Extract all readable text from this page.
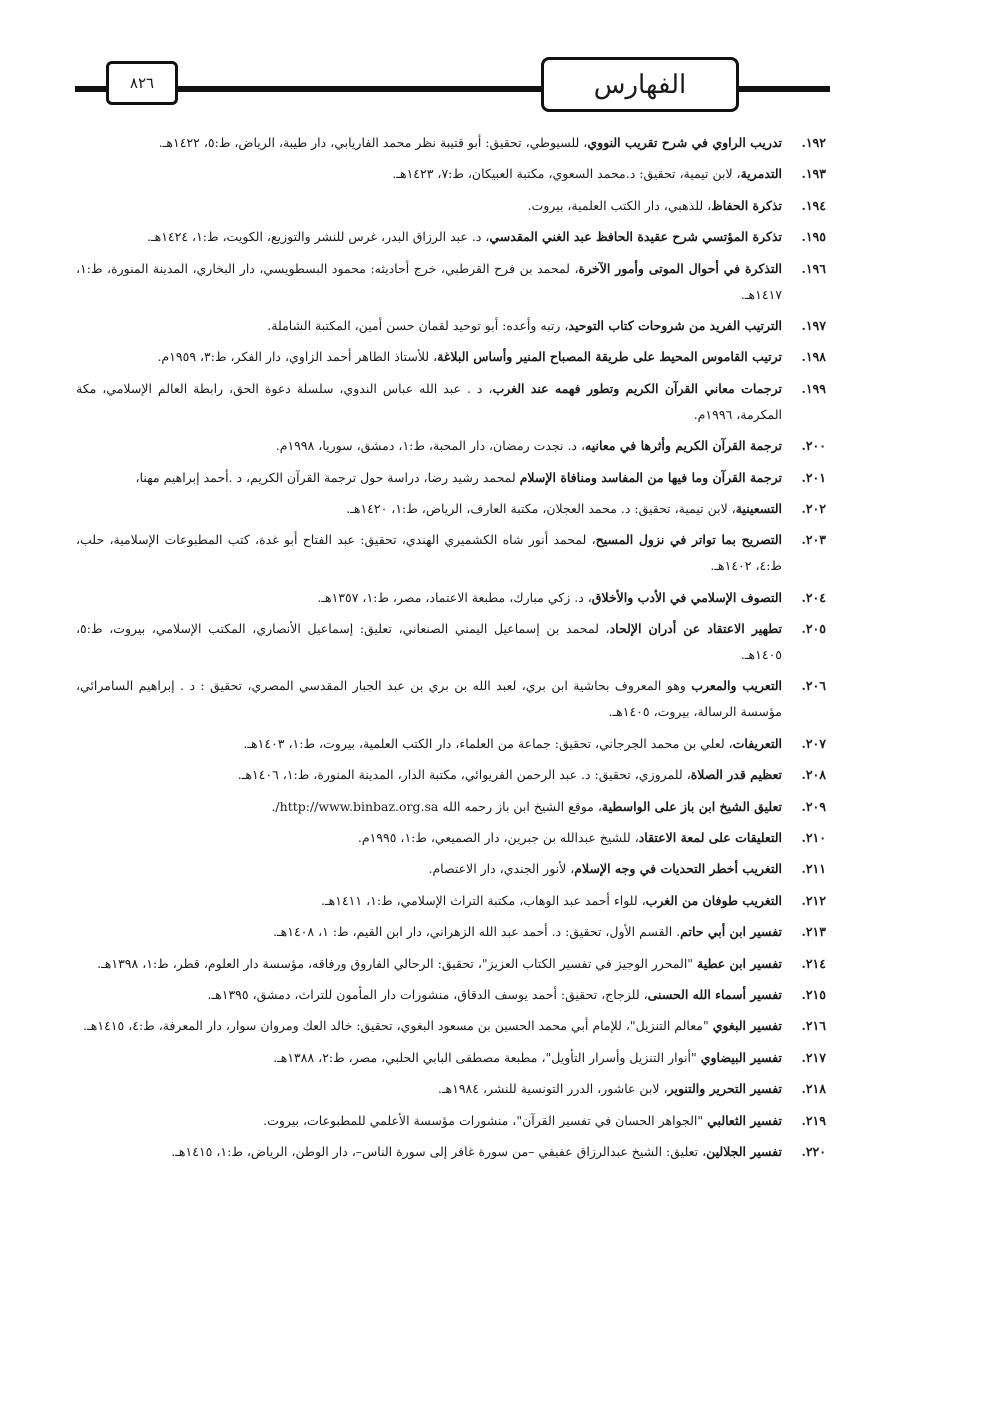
٨٢٦	الفهارس
١٩٢.
تدريب الراوي في شرح تقريب النووي، للسيوطي، تحقيق: أبو قتيبة نظر محمد الفاريابي، دار طيبة، الرياض، ط:٥، ١٤٢٢هـ.
١٩٣.
التدمرية، لابن تيمية، تحقيق: د.محمد السعوي، مكتبة العبيكان، ط:٧، ١٤٢٣هـ.
١٩٤.
تذكرة الحفاظ، للذهبي، دار الكتب العلمية، بيروت.
١٩٥.
تذكرة المؤتسي شرح عقيدة الحافظ عبد الغني المقدسي، د. عبد الرزاق البدر، غرس للنشر والتوزيع، الكويت، ط:١، ١٤٢٤هـ.
١٩٦.
التذكرة في أحوال الموتى وأمور الآخرة، لمحمد بن فرح القرطبي، خرج أحاديثه: محمود البسطويسي، دار البخاري، المدينة المنورة، ط:١، ١٤١٧هـ.
١٩٧.
الترتيب الفريد من شروحات كتاب التوحيد، رتبه وأعده: أبو توحيد لقمان حسن أمين، المكتبة الشاملة.
١٩٨.
ترتيب القاموس المحيط على طريقة المصباح المنير وأساس البلاغة، للأستاذ الطاهر أحمد الزاوي، دار الفكر، ط:٣، ١٩٥٩م.
١٩٩.
ترجمات معاني القرآن الكريم وتطور فهمه عند الغرب، د . عبد الله عباس الندوي، سلسلة دعوة الحق، رابطة العالم الإسلامي، مكة المكرمة، ١٩٩٦م.
٢٠٠.
ترجمة القرآن الكريم وأثرها في معانيه، د. نجدت رمضان، دار المحبة، ط:١، دمشق، سوريا، ١٩٩٨م.
٢٠١.
ترجمة القرآن وما فيها من المفاسد ومنافاة الإسلام لمحمد رشيد رضا، دراسة حول ترجمة القرآن الكريم، د .أحمد إبراهيم مهنا،
٢٠٢.
التسعينية، لابن تيمية، تحقيق: د. محمد العجلان، مكتبة العارف، الرياض، ط:١، ١٤٢٠هـ.
٢٠٣.
التصريح بما تواتر في نزول المسيح، لمحمد أنور شاه الكشميري الهندي، تحقيق: عبد الفتاح أبو غدة، كتب المطبوعات الإسلامية، حلب، ط:٤، ١٤٠٢هـ.
٢٠٤.
التصوف الإسلامي في الأدب والأخلاق، د. زكي مبارك، مطبعة الاعتماد، مصر، ط:١، ١٣٥٧هـ.
٢٠٥.
تطهير الاعتقاد عن أدران الإلحاد، لمحمد بن إسماعيل اليمني الصنعاني، تعليق: إسماعيل الأنصاري، المكتب الإسلامي، بيروت، ط:٥، ١٤٠٥هـ.
٢٠٦.
التعريب والمعرب وهو المعروف بحاشية ابن بري، لعبد الله بن بري بن عبد الجبار المقدسي المصري، تحقيق : د . إبراهيم السامرائي، مؤسسة الرسالة، بيروت، ١٤٠٥هـ.
٢٠٧.
التعريفات، لعلي بن محمد الجرجاني، تحقيق: جماعة من العلماء، دار الكتب العلمية، بيروت، ط:١، ١٤٠٣هـ.
٢٠٨.
تعظيم قدر الصلاة، للمروزي، تحقيق: د. عبد الرحمن الفريوائي، مكتبة الدار، المدينة المنورة، ط:١، ١٤٠٦هـ.
٢٠٩.
تعليق الشيخ ابن باز على الواسطية، موقع الشيخ ابن باز رحمه الله http://www.binbaz.org.sa/.
٢١٠.
التعليقات على لمعة الاعتقاد، للشيخ عبدالله بن جبرين، دار الصميعي، ط:١، ١٩٩٥م.
٢١١.
التغريب أخطر التحديات في وجه الإسلام، لأنور الجندي، دار الاعتصام.
٢١٢.
التغريب طوفان من الغرب، للواء أحمد عبد الوهاب، مكتبة التراث الإسلامي، ط:١، ١٤١١هـ.
٢١٣.
تفسير ابن أبي حاتم. القسم الأول، تحقيق: د. أحمد عبد الله الزهراني، دار ابن القيم، ط: ١، ١٤٠٨هـ.
٢١٤.
تفسير ابن عطية "المحرر الوجيز في تفسير الكتاب العزيز"، تحقيق: الرحالي الفاروق ورفاقه، مؤسسة دار العلوم، قطر، ط:١، ١٣٩٨هـ.
٢١٥.
تفسير أسماء الله الحسنى، للزجاج، تحقيق: أحمد يوسف الدقاق، منشورات دار المأمون للتراث، دمشق، ١٣٩٥هـ.
٢١٦.
تفسير البغوي "معالم التنزيل"، للإمام أبي محمد الحسين بن مسعود البغوي، تحقيق: خالد العك ومروان سوار، دار المعرفة، ط:٤، ١٤١٥هـ.
٢١٧.
تفسير البيضاوي "أنوار التنزيل وأسرار التأويل"، مطبعة مصطفى البابي الحلبي، مصر، ط:٢، ١٣٨٨هـ.
٢١٨.
تفسير التحرير والتنوير، لابن عاشور، الدرر التونسية للنشر، ١٩٨٤هـ.
٢١٩.
تفسير الثعالبي "الجواهر الحسان في تفسير القرآن"، منشورات مؤسسة الأعلمي للمطبوعات، بيروت.
٢٢٠.
تفسير الجلالين، تعليق: الشيخ عبدالرزاق عفيفي –من سورة غافر إلى سورة الناس–، دار الوطن، الرياض، ط:١، ١٤١٥هـ.
